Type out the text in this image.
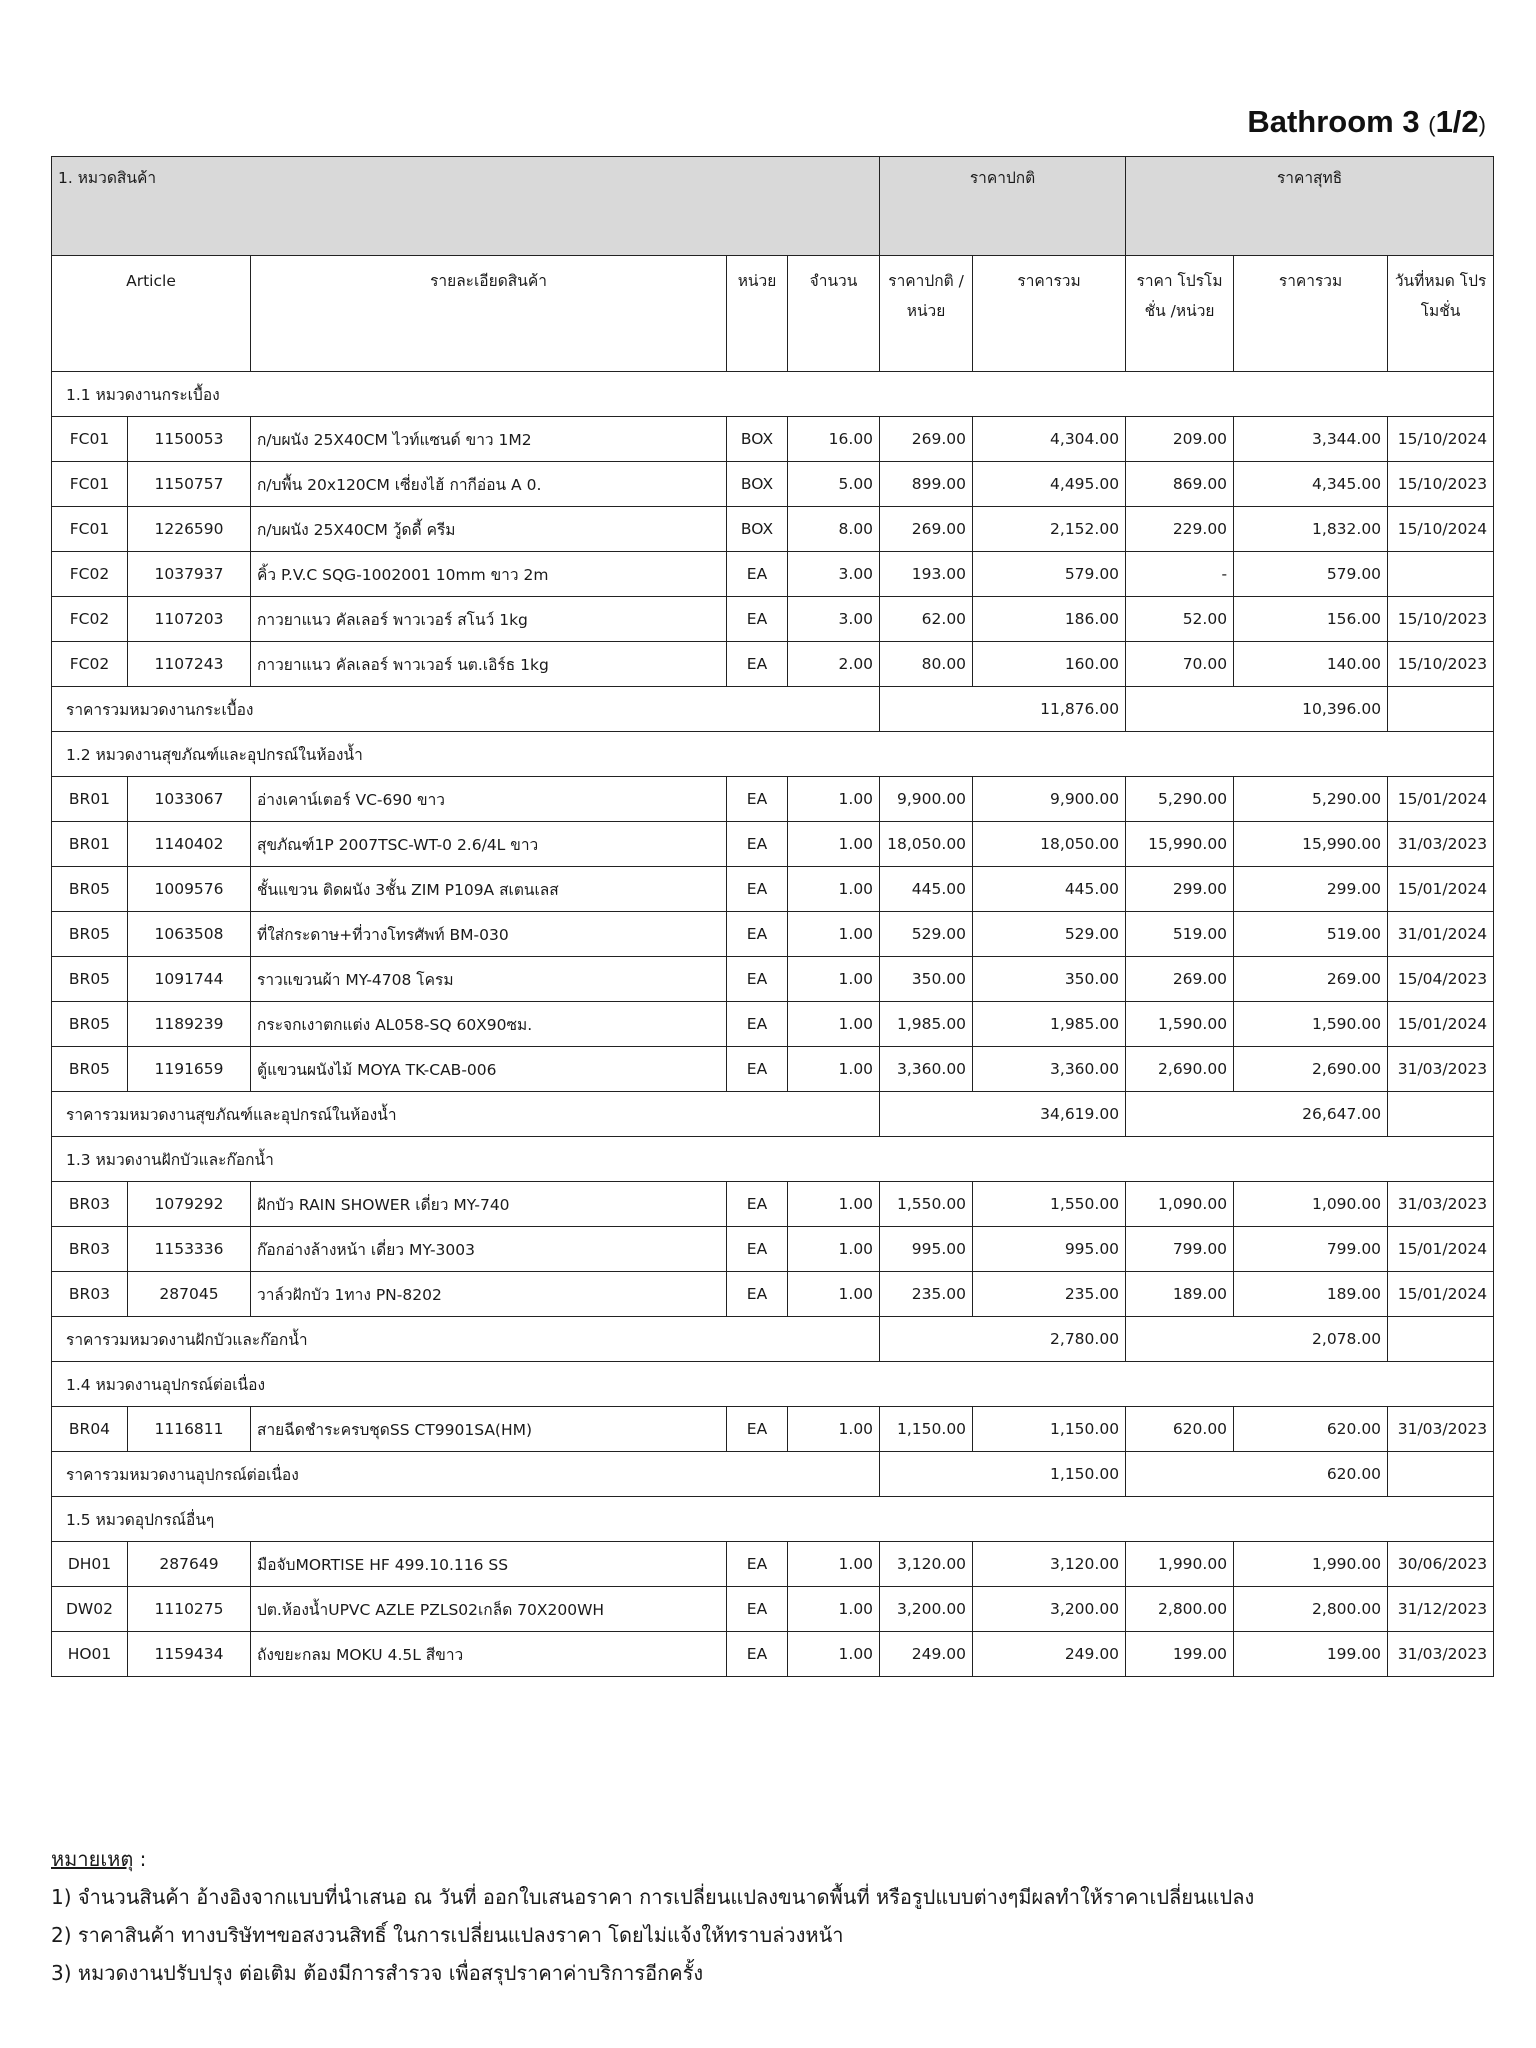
Bathroom 3 (1/2)
1. หมวดสินค้า					ราคาปกติ		ราคาสุทธิ		
Article		รายละเอียดสินค้า	หน่วย	จำนวน	ราคาปกติ /หน่วย	ราคารวม	ราคา โปรโมชั่น /หน่วย	ราคารวม	วันที่หมด โปรโมชั่น
1.1 หมวดงานกระเบื้อง									
FC01	1150053	ก/บผนัง 25X40CM ไวท์แซนด์ ขาว 1M2	BOX	16.00	269.00	4,304.00	209.00	3,344.00	15/10/2024
FC01	1150757	ก/บพื้น 20x120CM เซี่ยงไฮ้ กากีอ่อน A 0.	BOX	5.00	899.00	4,495.00	869.00	4,345.00	15/10/2023
FC01	1226590	ก/บผนัง 25X40CM วู้ดดี้ ครีม	BOX	8.00	269.00	2,152.00	229.00	1,832.00	15/10/2024
FC02	1037937	คิ้ว P.V.C SQG-1002001 10mm ขาว 2m	EA	3.00	193.00	579.00	-	579.00	
FC02	1107203	กาวยาแนว คัลเลอร์ พาวเวอร์ สโนว์ 1kg	EA	3.00	62.00	186.00	52.00	156.00	15/10/2023
FC02	1107243	กาวยาแนว คัลเลอร์ พาวเวอร์ นต.เอิร์ธ 1kg	EA	2.00	80.00	160.00	70.00	140.00	15/10/2023
ราคารวมหมวดงานกระเบื้อง					11,876.00		10,396.00		
1.2 หมวดงานสุขภัณฑ์และอุปกรณ์ในห้องน้ำ									
BR01	1033067	อ่างเคาน์เตอร์ VC-690 ขาว	EA	1.00	9,900.00	9,900.00	5,290.00	5,290.00	15/01/2024
BR01	1140402	สุขภัณฑ์1P 2007TSC-WT-0 2.6/4L ขาว	EA	1.00	18,050.00	18,050.00	15,990.00	15,990.00	31/03/2023
BR05	1009576	ชั้นแขวน ติดผนัง 3ชั้น ZIM P109A สเตนเลส	EA	1.00	445.00	445.00	299.00	299.00	15/01/2024
BR05	1063508	ที่ใส่กระดาษ+ที่วางโทรศัพท์ BM-030	EA	1.00	529.00	529.00	519.00	519.00	31/01/2024
BR05	1091744	ราวแขวนผ้า MY-4708 โครม	EA	1.00	350.00	350.00	269.00	269.00	15/04/2023
BR05	1189239	กระจกเงาตกแต่ง AL058-SQ 60X90ซม.	EA	1.00	1,985.00	1,985.00	1,590.00	1,590.00	15/01/2024
BR05	1191659	ตู้แขวนผนังไม้ MOYA TK-CAB-006	EA	1.00	3,360.00	3,360.00	2,690.00	2,690.00	31/03/2023
ราคารวมหมวดงานสุขภัณฑ์และอุปกรณ์ในห้องน้ำ					34,619.00		26,647.00		
1.3 หมวดงานฝักบัวและก๊อกน้ำ									
BR03	1079292	ฝักบัว RAIN SHOWER เดี่ยว MY-740	EA	1.00	1,550.00	1,550.00	1,090.00	1,090.00	31/03/2023
BR03	1153336	ก๊อกอ่างล้างหน้า เดี่ยว MY-3003	EA	1.00	995.00	995.00	799.00	799.00	15/01/2024
BR03	287045	วาล์วฝักบัว 1ทาง PN-8202	EA	1.00	235.00	235.00	189.00	189.00	15/01/2024
ราคารวมหมวดงานฝักบัวและก๊อกน้ำ					2,780.00		2,078.00		
1.4 หมวดงานอุปกรณ์ต่อเนื่อง									
BR04	1116811	สายฉีดชำระครบชุดSS CT9901SA(HM)	EA	1.00	1,150.00	1,150.00	620.00	620.00	31/03/2023
ราคารวมหมวดงานอุปกรณ์ต่อเนื่อง					1,150.00		620.00		
1.5 หมวดอุปกรณ์อื่นๆ									
DH01	287649	มือจับMORTISE HF 499.10.116 SS	EA	1.00	3,120.00	3,120.00	1,990.00	1,990.00	30/06/2023
DW02	1110275	ปต.ห้องน้ำUPVC AZLE PZLS02เกล็ด 70X200WH	EA	1.00	3,200.00	3,200.00	2,800.00	2,800.00	31/12/2023
HO01	1159434	ถังขยะกลม MOKU 4.5L สีขาว	EA	1.00	249.00	249.00	199.00	199.00	31/03/2023
หมายเหตุ :
1) จำนวนสินค้า อ้างอิงจากแบบที่นำเสนอ ณ วันที่ ออกใบเสนอราคา การเปลี่ยนแปลงขนาดพื้นที่ หรือรูปแบบต่างๆมีผลทำให้ราคาเปลี่ยนแปลง
2) ราคาสินค้า ทางบริษัทฯขอสงวนสิทธิ์ ในการเปลี่ยนแปลงราคา โดยไม่แจ้งให้ทราบล่วงหน้า
3) หมวดงานปรับปรุง ต่อเติม ต้องมีการสำรวจ เพื่อสรุปราคาค่าบริการอีกครั้ง
